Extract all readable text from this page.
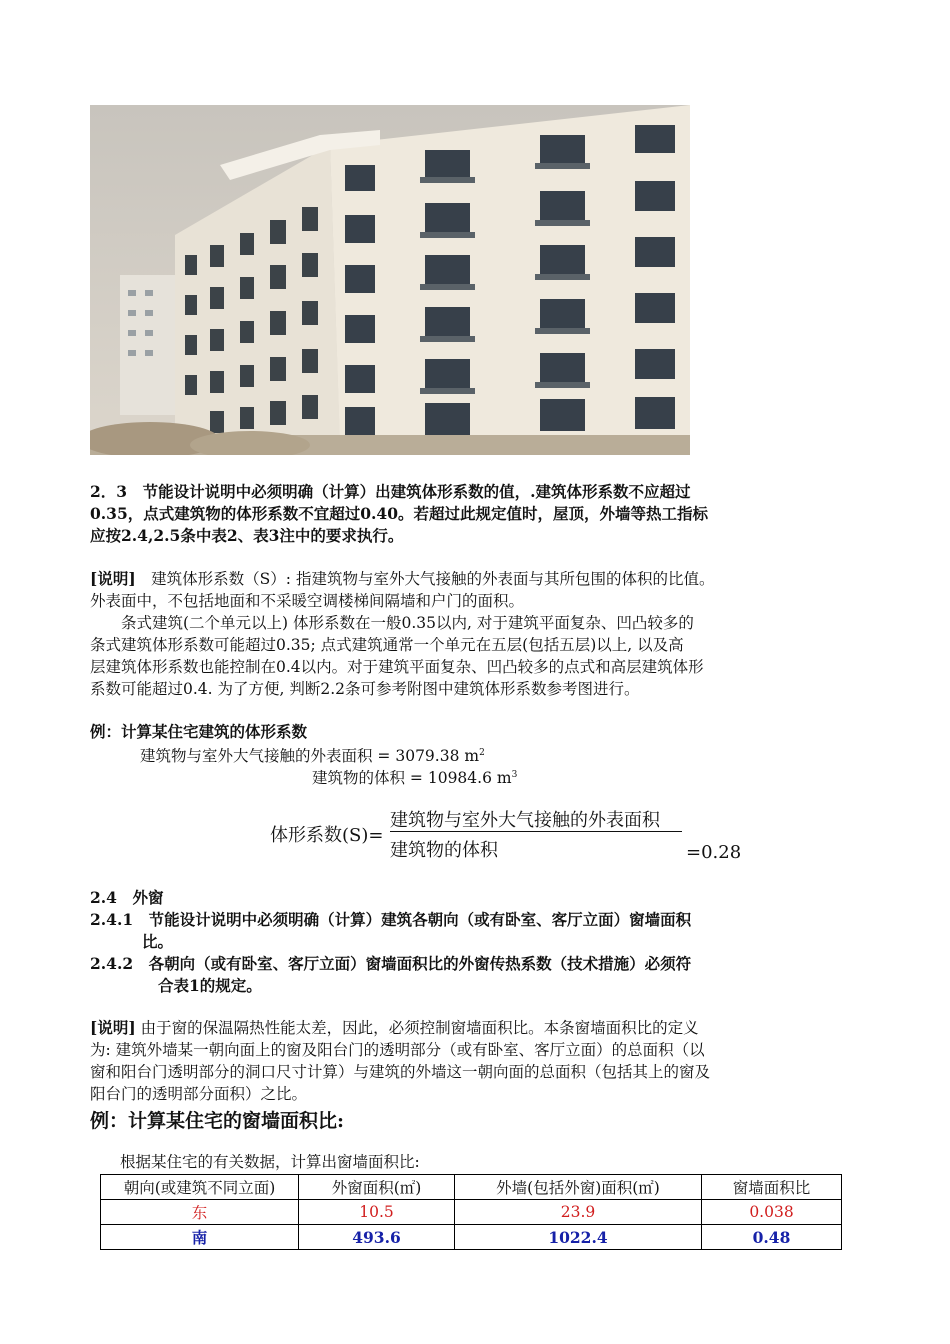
2．3　节能设计说明中必须明确（计算）出建筑体形系数的值，.建筑体形系数不应超过
0.35，点式建筑物的体形系数不宜超过0.40。若超过此规定值时，屋顶，外墙等热工指标
应按2.4,2.5条中表2、表3注中的要求执行。
[说明]　建筑体形系数（S）: 指建筑物与室外大气接触的外表面与其所包围的体积的比值。
外表面中，不包括地面和不采暖空调楼梯间隔墙和户门的面积。
　　条式建筑(二个单元以上) 体形系数在一般0.35以内, 对于建筑平面复杂、凹凸较多的
条式建筑体形系数可能超过0.35; 点式建筑通常一个单元在五层(包括五层)以上, 以及高
层建筑体形系数也能控制在0.4以内。对于建筑平面复杂、凹凸较多的点式和高层建筑体形
系数可能超过0.4. 为了方便, 判断2.2条可参考附图中建筑体形系数参考图进行。
例：计算某住宅建筑的体形系数
建筑物与室外大气接触的外表面积 = 3079.38 $m^2$
建筑物的体积 = 10984.6 $m^3$
体形系数(S)=
建筑物与室外大气接触的外表面积
建筑物的体积	=0.28
2.4　外窗
2.4.1　节能设计说明中必须明确（计算）建筑各朝向（或有卧室、客厅立面）窗墙面积
比。
2.4.2　各朝向（或有卧室、客厅立面）窗墙面积比的外窗传热系数（技术措施）必须符
合表1的规定。
[说明] 由于窗的保温隔热性能太差，因此，必须控制窗墙面积比。本条窗墙面积比的定义
为: 建筑外墙某一朝向面上的窗及阳台门的透明部分（或有卧室、客厅立面）的总面积（以
窗和阳台门透明部分的洞口尺寸计算）与建筑的外墙这一朝向面的总面积（包括其上的窗及
阳台门的透明部分面积）之比。
例：计算某住宅的窗墙面积比:
根据某住宅的有关数据，计算出窗墙面积比:
朝向(或建筑不同立面)	外窗面积(㎡)	外墙(包括外窗)面积(㎡)	窗墙面积比
东	10.5	23.9	0.038
南	493.6	1022.4	0.48
